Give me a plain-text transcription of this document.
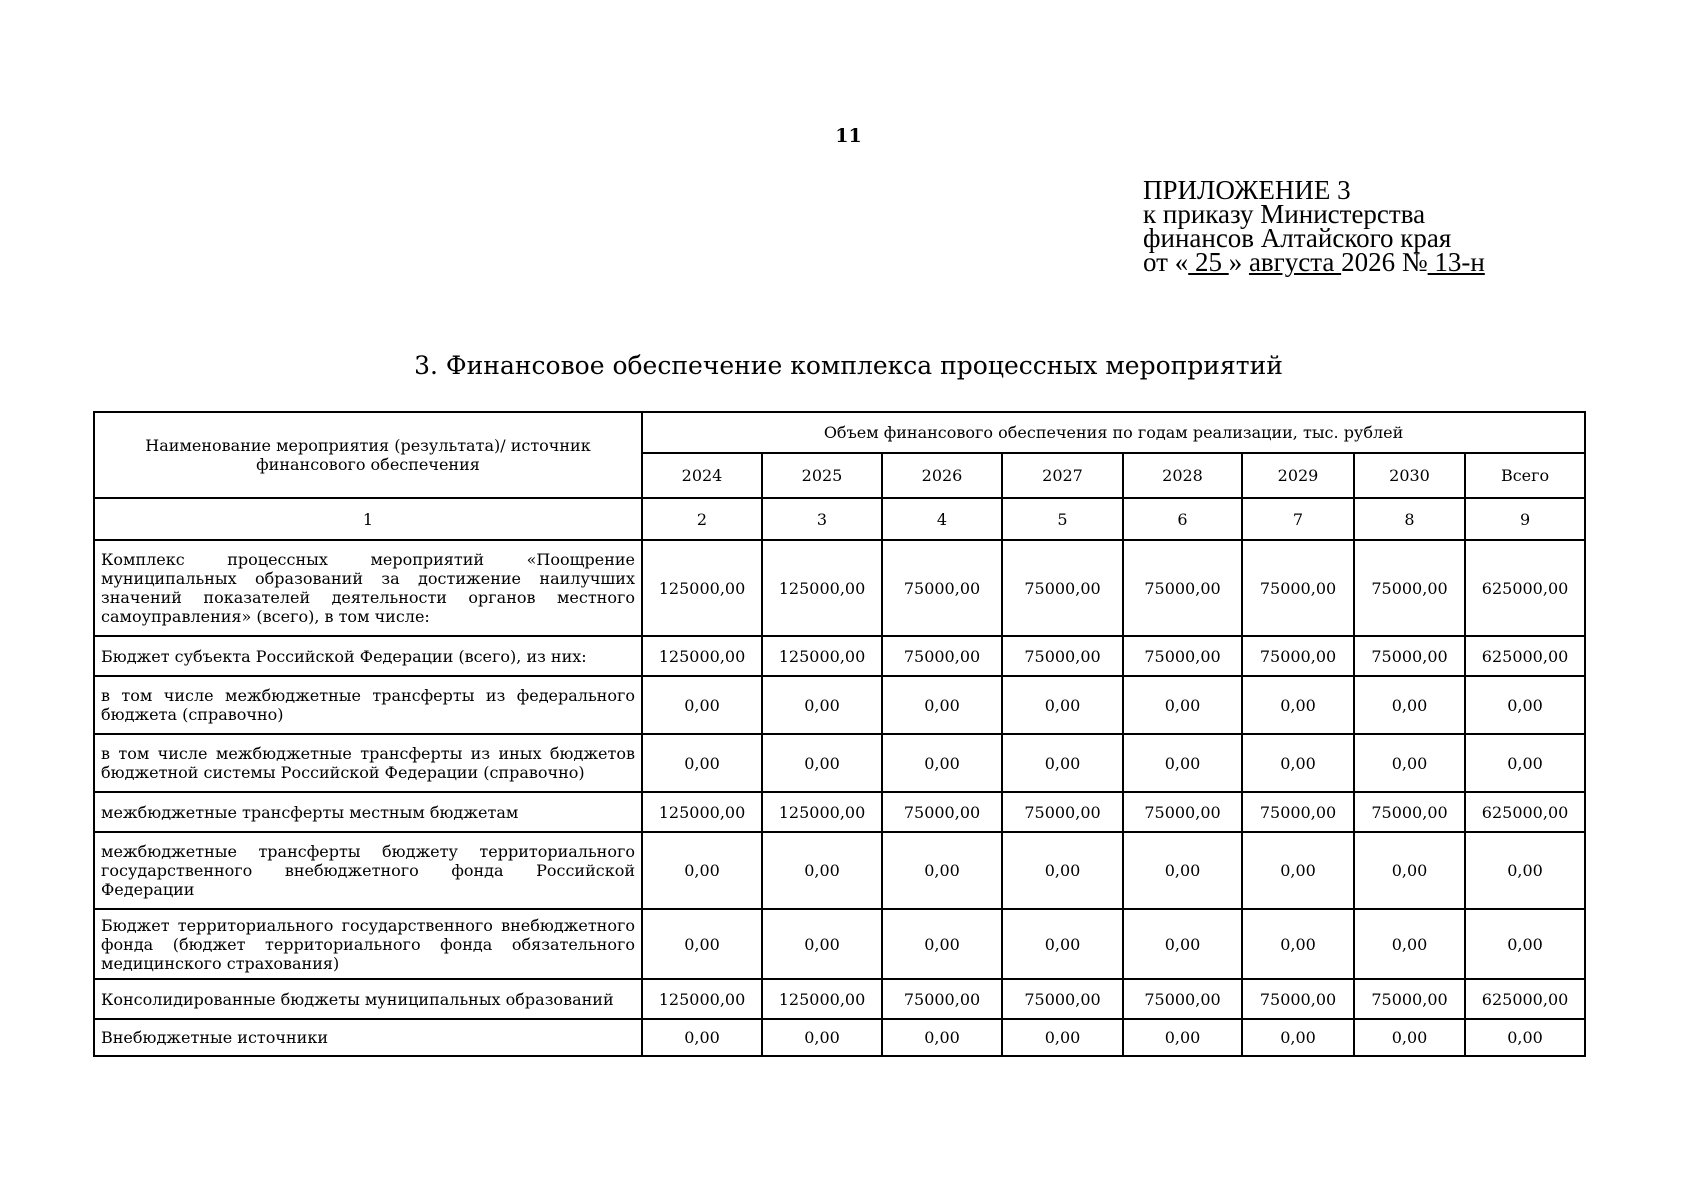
11
ПРИЛОЖЕНИЕ 3
к приказу Министерства
финансов Алтайского края
от « 25 » августа 2026 № 13-н
3. Финансовое обеспечение комплекса процессных мероприятий
Наименование мероприятия (результата)/ источник финансового обеспечения	Объем финансового обеспечения по годам реализации, тыс. рублей							
	2024	2025	2026	2027	2028	2029	2030	Всего
1	2	3	4	5	6	7	8	9
Комплекс процессных мероприятий «Поощрение муниципальных образований за достижение наилучших значений показателей деятельности органов местного самоуправления» (всего), в том числе:	125000,00	125000,00	75000,00	75000,00	75000,00	75000,00	75000,00	625000,00
Бюджет субъекта Российской Федерации (всего), из них:	125000,00	125000,00	75000,00	75000,00	75000,00	75000,00	75000,00	625000,00
в том числе межбюджетные трансферты из федерального бюджета (справочно)	0,00	0,00	0,00	0,00	0,00	0,00	0,00	0,00
в том числе межбюджетные трансферты из иных бюджетов бюджетной системы Российской Федерации (справочно)	0,00	0,00	0,00	0,00	0,00	0,00	0,00	0,00
межбюджетные трансферты местным бюджетам	125000,00	125000,00	75000,00	75000,00	75000,00	75000,00	75000,00	625000,00
межбюджетные трансферты бюджету территориального государственного внебюджетного фонда Российской Федерации	0,00	0,00	0,00	0,00	0,00	0,00	0,00	0,00
Бюджет территориального государственного внебюджетного фонда (бюджет территориального фонда обязательного медицинского страхования)	0,00	0,00	0,00	0,00	0,00	0,00	0,00	0,00
Консолидированные бюджеты муниципальных образований	125000,00	125000,00	75000,00	75000,00	75000,00	75000,00	75000,00	625000,00
Внебюджетные источники	0,00	0,00	0,00	0,00	0,00	0,00	0,00	0,00
